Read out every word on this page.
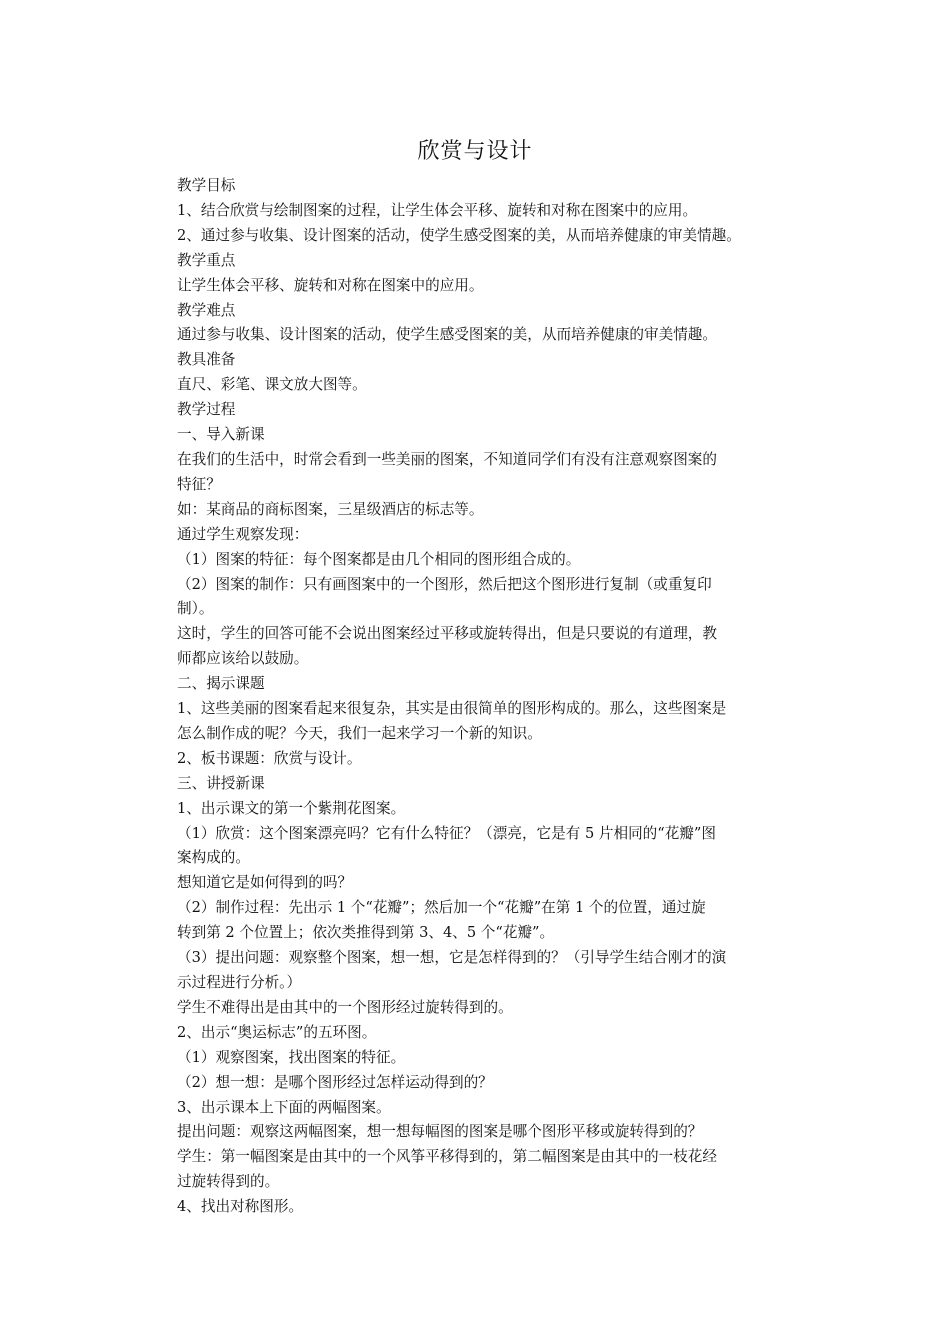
欣赏与设计

教学目标

1、结合欣赏与绘制图案的过程，让学生体会平移、旋转和对称在图案中的应用。

2、通过参与收集、设计图案的活动，使学生感受图案的美，从而培养健康的审美情趣。

教学重点

让学生体会平移、旋转和对称在图案中的应用。

教学难点

通过参与收集、设计图案的活动，使学生感受图案的美，从而培养健康的审美情趣。

教具准备

直尺、彩笔、课文放大图等。

教学过程

一、导入新课

在我们的生活中，时常会看到一些美丽的图案，不知道同学们有没有注意观察图案的

特征？

如：某商品的商标图案，三星级酒店的标志等。

通过学生观察发现：

（1）图案的特征：每个图案都是由几个相同的图形组合成的。

（2）图案的制作：只有画图案中的一个图形，然后把这个图形进行复制（或重复印

制）。

这时，学生的回答可能不会说出图案经过平移或旋转得出，但是只要说的有道理，教

师都应该给以鼓励。

二、揭示课题

1、这些美丽的图案看起来很复杂，其实是由很简单的图形构成的。那么，这些图案是

怎么制作成的呢？今天，我们一起来学习一个新的知识。

2、板书课题：欣赏与设计。

三、讲授新课

1、出示课文的第一个紫荆花图案。

（1）欣赏：这个图案漂亮吗？它有什么特征？（漂亮，它是有 5 片相同的“花瓣”图

案构成的。

想知道它是如何得到的吗？

（2）制作过程：先出示 1 个“花瓣”；然后加一个“花瓣”在第 1 个的位置，通过旋

转到第 2 个位置上；依次类推得到第 3、4、5 个“花瓣”。

（3）提出问题：观察整个图案，想一想，它是怎样得到的？（引导学生结合刚才的演

示过程进行分析。）

学生不难得出是由其中的一个图形经过旋转得到的。

2、出示“奥运标志”的五环图。

（1）观察图案，找出图案的特征。

（2）想一想：是哪个图形经过怎样运动得到的？

3、出示课本上下面的两幅图案。

提出问题：观察这两幅图案，想一想每幅图的图案是哪个图形平移或旋转得到的？

学生：第一幅图案是由其中的一个风筝平移得到的，第二幅图案是由其中的一枝花经

过旋转得到的。

4、找出对称图形。
